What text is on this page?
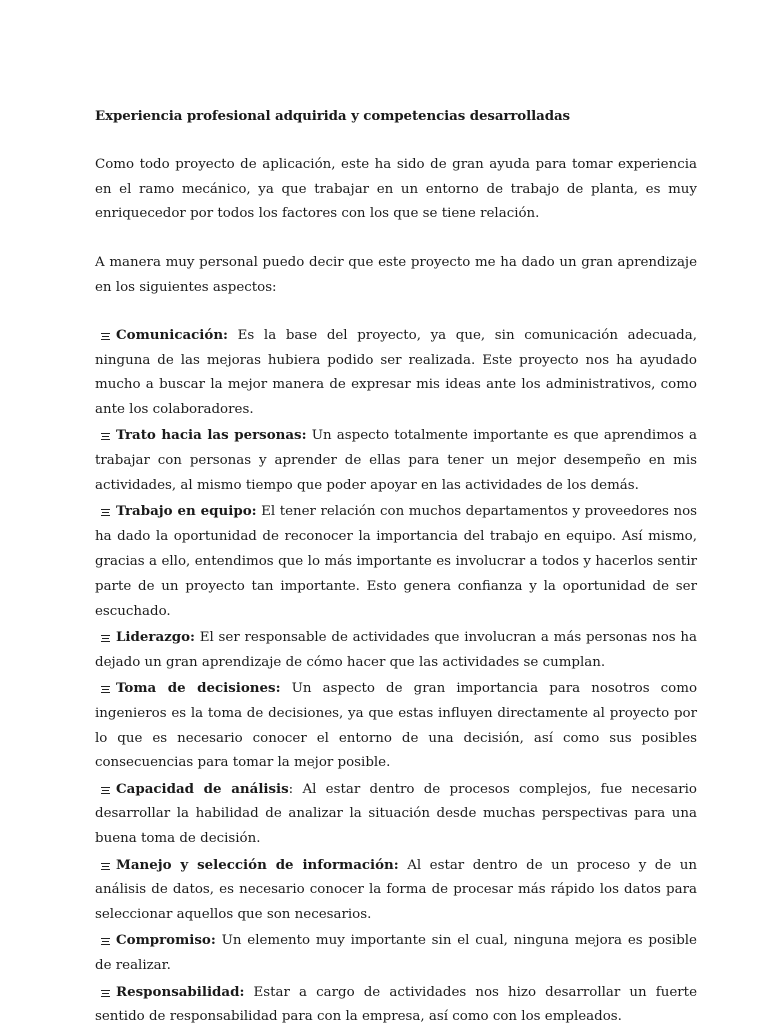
Experiencia profesional adquirida y competencias desarrolladas

Como todo proyecto de aplicación, este ha sido de gran ayuda para tomar experiencia en el ramo mecánico, ya que trabajar en un entorno de trabajo de planta, es muy enriquecedor por todos los factores con los que se tiene relación.

A manera muy personal puedo decir que este proyecto me ha dado un gran aprendizaje en los siguientes aspectos:

Comunicación: Es la base del proyecto, ya que, sin comunicación adecuada, ninguna de las mejoras hubiera podido ser realizada. Este proyecto nos ha ayudado mucho a buscar la mejor manera de expresar mis ideas ante los administrativos, como ante los colaboradores.

Trato hacia las personas: Un aspecto totalmente importante es que aprendimos a trabajar con personas y aprender de ellas para tener un mejor desempeño en mis actividades, al mismo tiempo que poder apoyar en las actividades de los demás.

Trabajo en equipo: El tener relación con muchos departamentos y proveedores nos ha dado la oportunidad de reconocer la importancia del trabajo en equipo. Así mismo, gracias a ello, entendimos que lo más importante es involucrar a todos y hacerlos sentir parte de un proyecto tan importante. Esto genera confianza y la oportunidad de ser escuchado.

Liderazgo: El ser responsable de actividades que involucran a más personas nos ha dejado un gran aprendizaje de cómo hacer que las actividades se cumplan.

Toma de decisiones: Un aspecto de gran importancia para nosotros como ingenieros es la toma de decisiones, ya que estas influyen directamente al proyecto por lo que es necesario conocer el entorno de una decisión, así como sus posibles consecuencias para tomar la mejor posible.

Capacidad de análisis: Al estar dentro de procesos complejos, fue necesario desarrollar la habilidad de analizar la situación desde muchas perspectivas para una buena toma de decisión.

Manejo y selección de información: Al estar dentro de un proceso y de un análisis de datos, es necesario conocer la forma de procesar más rápido los datos para seleccionar aquellos que son necesarios.

Compromiso: Un elemento muy importante sin el cual, ninguna mejora es posible de realizar.

Responsabilidad: Estar a cargo de actividades nos hizo desarrollar un fuerte sentido de responsabilidad para con la empresa, así como con los empleados.
